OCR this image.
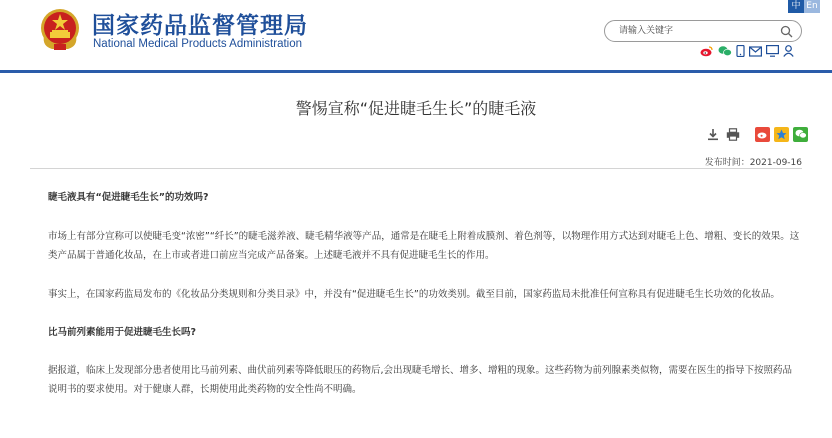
国家药品监督管理局
National Medical Products Administration
中 En
请输入关键字
警惕宣称“促进睫毛生长”的睫毛液
发布时间：2021-09-16

睫毛液具有“促进睫毛生长”的功效吗?

市场上有部分宣称可以使睫毛变“浓密”“纤长”的睫毛滋养液、睫毛精华液等产品，通常是在睫毛上附着成膜剂、着色剂等，以物理作用方式达到对睫毛上色、增粗、变长的效果。这类产品属于普通化妆品，在上市或者进口前应当完成产品备案。上述睫毛液并不具有促进睫毛生长的作用。

事实上，在国家药监局发布的《化妆品分类规则和分类目录》中，并没有“促进睫毛生长”的功效类别。截至目前，国家药监局未批准任何宣称具有促进睫毛生长功效的化妆品。

比马前列素能用于促进睫毛生长吗?

据报道，临床上发现部分患者使用比马前列素、曲伏前列素等降低眼压的药物后,会出现睫毛增长、增多、增粗的现象。这些药物为前列腺素类似物，需要在医生的指导下按照药品说明书的要求使用。对于健康人群，长期使用此类药物的安全性尚不明确。
